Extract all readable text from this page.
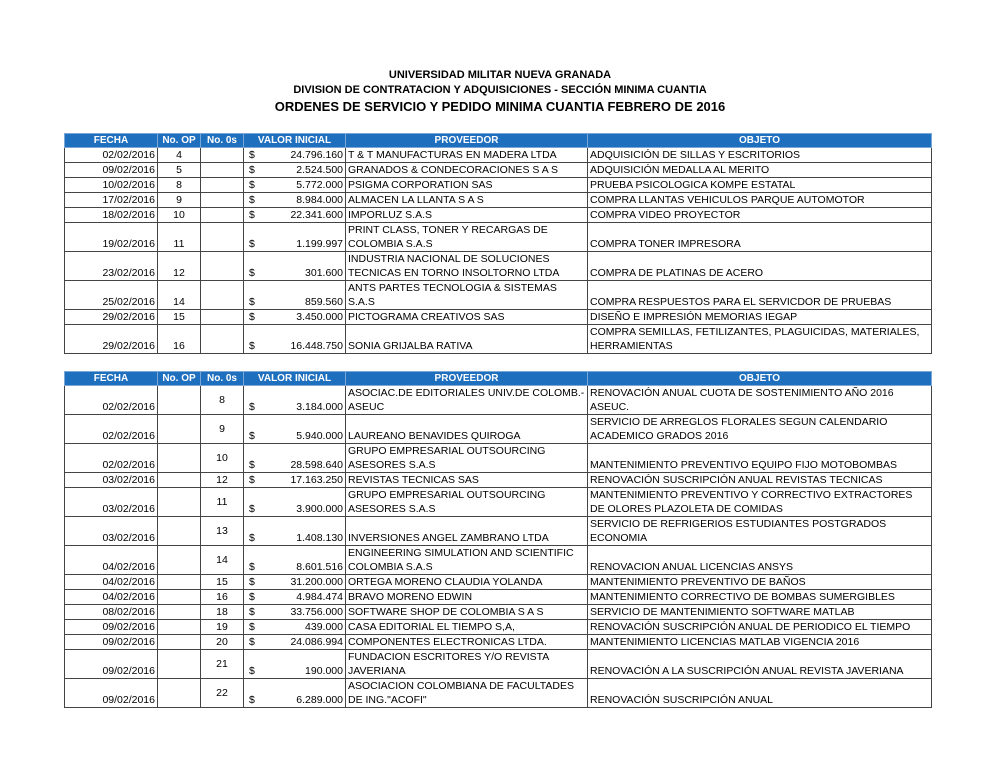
UNIVERSIDAD MILITAR NUEVA GRANADA
DIVISION DE CONTRATACION Y ADQUISICIONES - SECCIÓN MINIMA CUANTIA
ORDENES DE SERVICIO Y PEDIDO MINIMA CUANTIA FEBRERO DE 2016
FECHA	No. OP	No. 0s	VALOR INICIAL	PROVEEDOR	OBJETO
02/02/2016	4		$ 24.796.160	T & T MANUFACTURAS EN MADERA LTDA	ADQUISICIÓN DE SILLAS Y ESCRITORIOS
09/02/2016	5		$ 2.524.500	GRANADOS & CONDECORACIONES S A S	ADQUISICIÓN MEDALLA AL MERITO
10/02/2016	8		$ 5.772.000	PSIGMA CORPORATION SAS	PRUEBA PSICOLOGICA KOMPE ESTATAL
17/02/2016	9		$ 8.984.000	ALMACEN LA LLANTA S A S	COMPRA LLANTAS VEHICULOS PARQUE AUTOMOTOR
18/02/2016	10		$ 22.341.600	IMPORLUZ S.A.S	COMPRA VIDEO PROYECTOR
19/02/2016	11		$ 1.199.997	PRINT CLASS, TONER Y RECARGAS DE COLOMBIA S.A.S	COMPRA TONER IMPRESORA
23/02/2016	12		$ 301.600	INDUSTRIA NACIONAL DE SOLUCIONES TECNICAS EN TORNO INSOLTORNO LTDA	COMPRA DE PLATINAS DE ACERO
25/02/2016	14		$ 859.560	ANTS PARTES TECNOLOGIA & SISTEMAS S.A.S	COMPRA RESPUESTOS PARA EL SERVICDOR DE PRUEBAS
29/02/2016	15		$ 3.450.000	PICTOGRAMA CREATIVOS SAS	DISEÑO E IMPRESIÓN MEMORIAS IEGAP
29/02/2016	16		$ 16.448.750	SONIA GRIJALBA RATIVA	COMPRA SEMILLAS, FETILIZANTES, PLAGUICIDAS, MATERIALES, HERRAMIENTAS
FECHA	No. OP	No. 0s	VALOR INICIAL	PROVEEDOR	OBJETO
02/02/2016		8	$ 3.184.000	ASOCIAC.DE EDITORIALES UNIV.DE COLOMB.-ASEUC	RENOVACIÓN ANUAL CUOTA DE SOSTENIMIENTO AÑO 2016 ASEUC.
02/02/2016		9	$ 5.940.000	LAUREANO BENAVIDES QUIROGA	SERVICIO DE ARREGLOS FLORALES SEGUN CALENDARIO ACADEMICO GRADOS 2016
02/02/2016		10	$ 28.598.640	GRUPO EMPRESARIAL OUTSOURCING ASESORES S.A.S	MANTENIMIENTO PREVENTIVO EQUIPO FIJO MOTOBOMBAS
03/02/2016		12	$ 17.163.250	REVISTAS TECNICAS SAS	RENOVACIÓN SUSCRIPCIÓN ANUAL REVISTAS TECNICAS
03/02/2016		11	$ 3.900.000	GRUPO EMPRESARIAL OUTSOURCING ASESORES S.A.S	MANTENIMIENTO PREVENTIVO Y CORRECTIVO EXTRACTORES DE OLORES PLAZOLETA DE COMIDAS
03/02/2016		13	$ 1.408.130	INVERSIONES ANGEL ZAMBRANO LTDA	SERVICIO DE REFRIGERIOS ESTUDIANTES POSTGRADOS ECONOMIA
04/02/2016		14	$ 8.601.516	ENGINEERING SIMULATION AND SCIENTIFIC COLOMBIA S.A.S	RENOVACION ANUAL LICENCIAS ANSYS
04/02/2016		15	$ 31.200.000	ORTEGA MORENO CLAUDIA YOLANDA	MANTENIMIENTO PREVENTIVO DE BAÑOS
04/02/2016		16	$ 4.984.474	BRAVO MORENO EDWIN	MANTENIMIENTO CORRECTIVO DE BOMBAS SUMERGIBLES
08/02/2016		18	$ 33.756.000	SOFTWARE SHOP DE COLOMBIA S A S	SERVICIO DE MANTENIMIENTO SOFTWARE MATLAB
09/02/2016		19	$ 439.000	CASA EDITORIAL EL TIEMPO S,A,	RENOVACIÓN SUSCRIPCIÓN ANUAL DE PERIODICO EL TIEMPO
09/02/2016		20	$ 24.086.994	COMPONENTES ELECTRONICAS LTDA.	MANTENIMIENTO LICENCIAS MATLAB VIGENCIA 2016
09/02/2016		21	$ 190.000	FUNDACION ESCRITORES Y/O REVISTA JAVERIANA	RENOVACIÓN A LA SUSCRIPCIÓN ANUAL REVISTA JAVERIANA
09/02/2016		22	$ 6.289.000	ASOCIACION COLOMBIANA DE FACULTADES DE ING."ACOFI"	RENOVACIÓN SUSCRIPCIÓN ANUAL
